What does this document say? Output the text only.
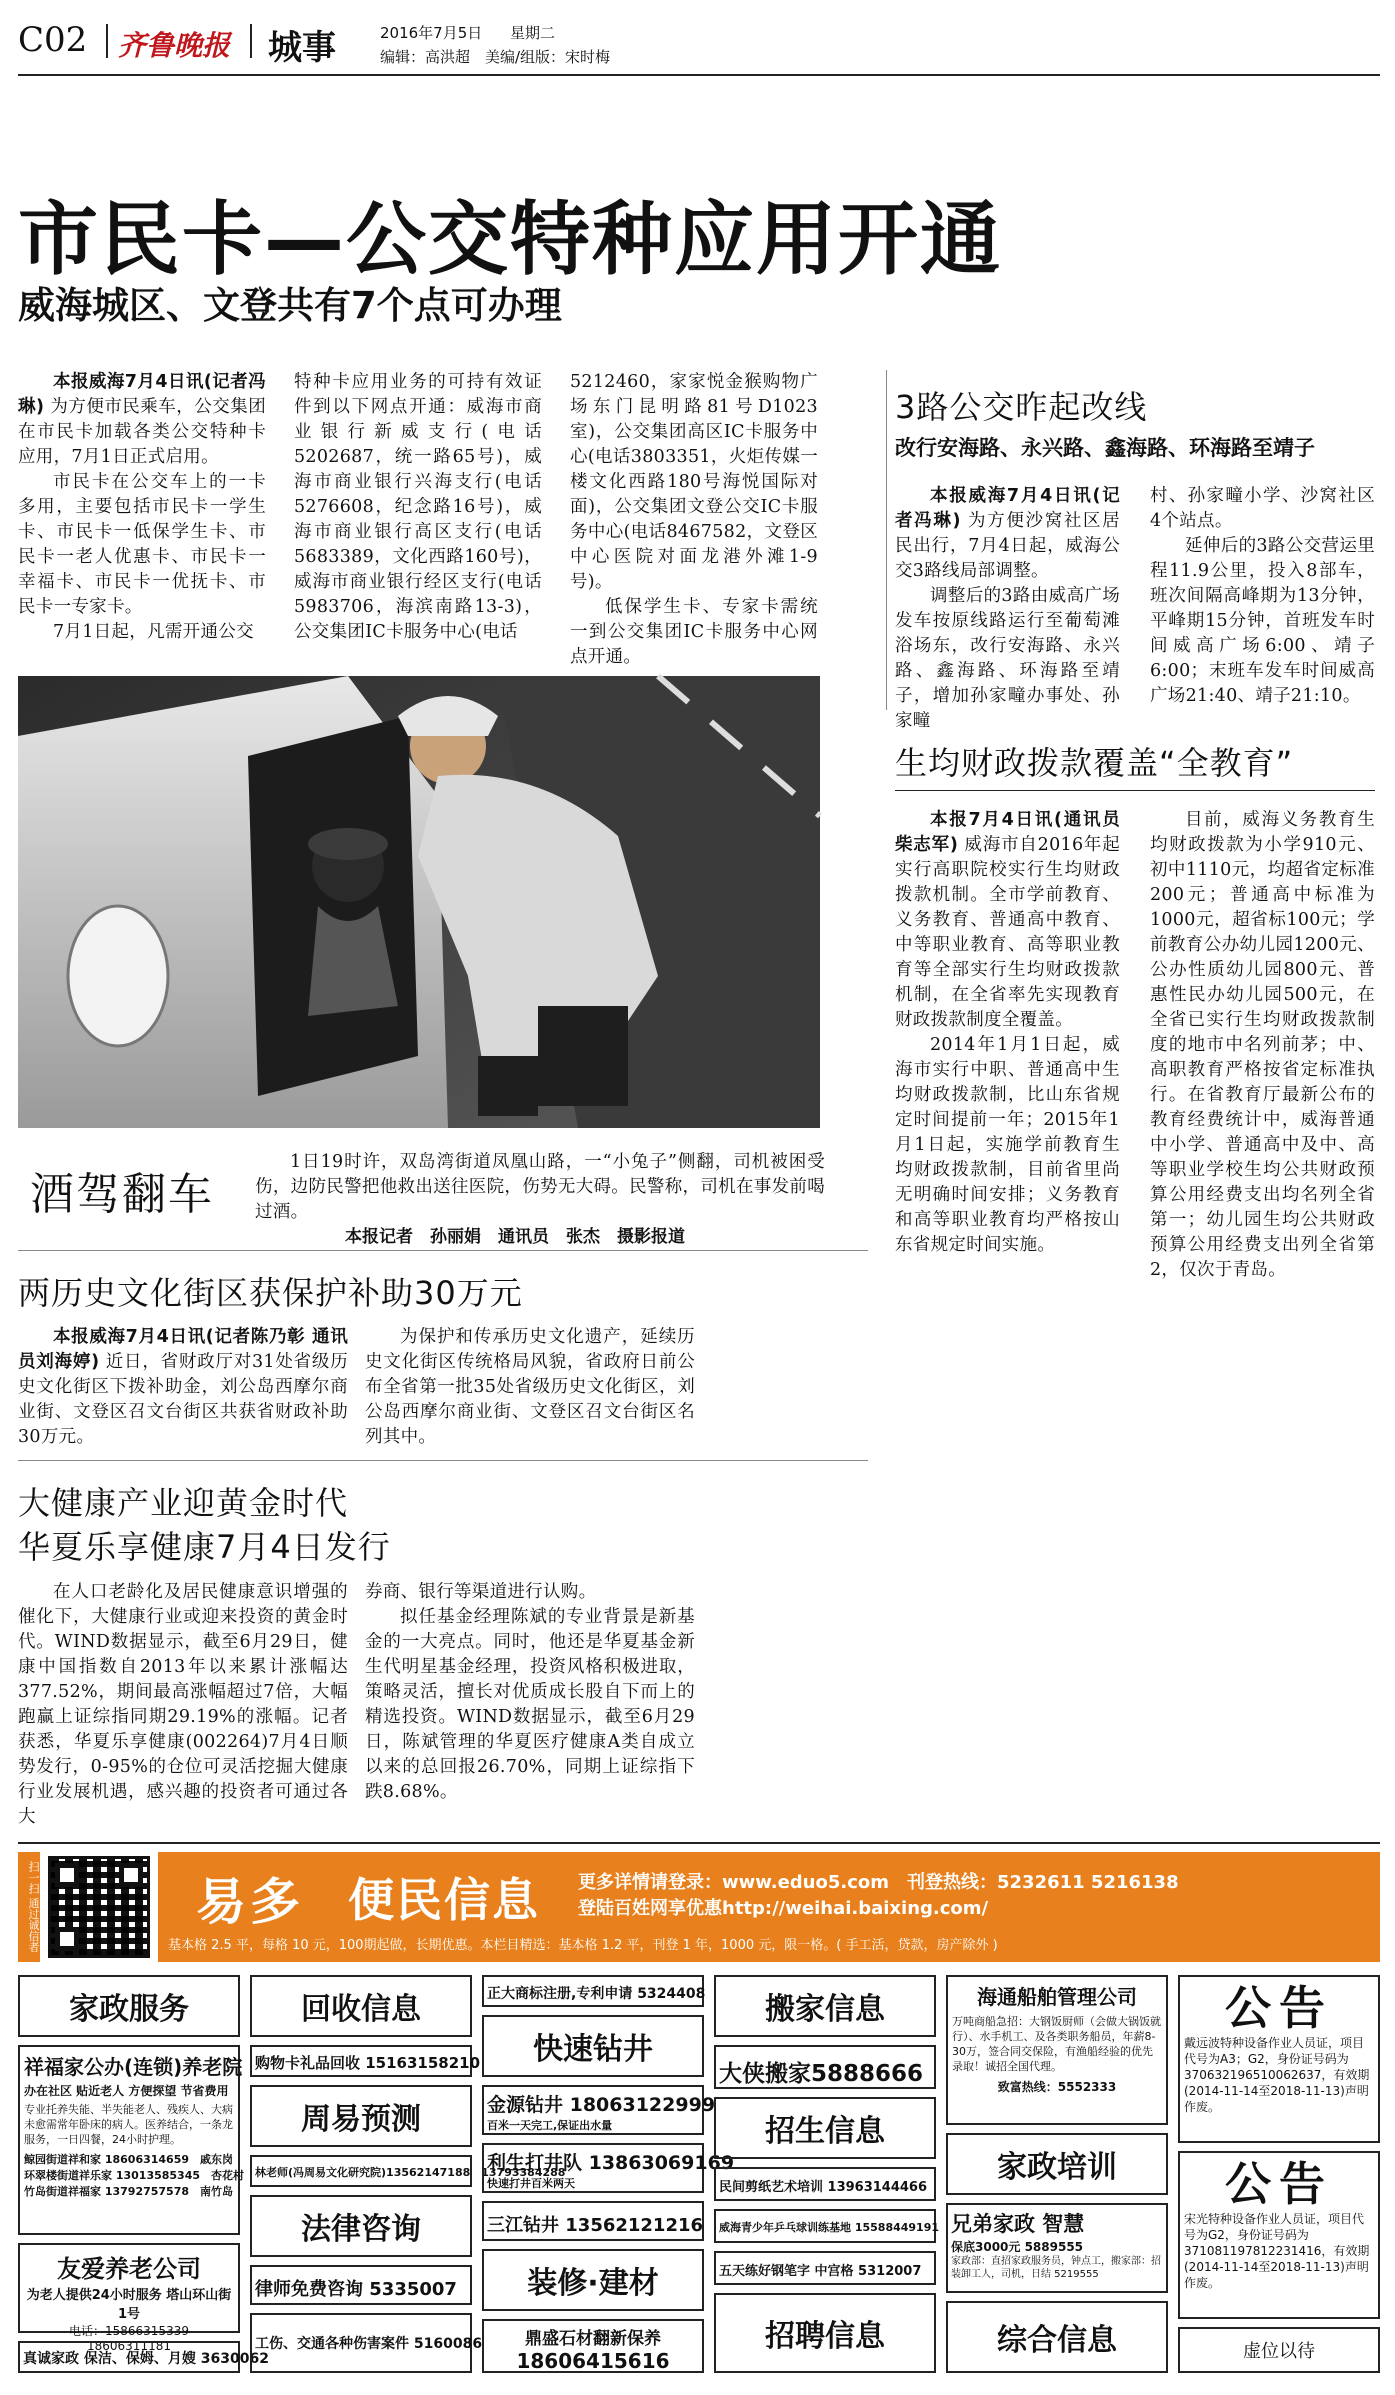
C02 齐鲁晚报 城事	2016年7月5日 星期二
编辑：高洪超　美编/组版：宋时梅
市民卡—公交特种应用开通
威海城区、文登共有7个点可办理

本报威海7月4日讯(记者冯琳) 为方便市民乘车，公交集团在市民卡加载各类公交特种卡应用，7月1日正式启用。

市民卡在公交车上的一卡多用，主要包括市民卡一学生卡、市民卡一低保学生卡、市民卡一老人优惠卡、市民卡一幸福卡、市民卡一优抚卡、市民卡一专家卡。

7月1日起，凡需开通公交

特种卡应用业务的可持有效证件到以下网点开通：威海市商业银行新威支行(电话5202687，统一路65号)，威海市商业银行兴海支行(电话5276608，纪念路16号)，威海市商业银行高区支行(电话5683389，文化西路160号)，威海市商业银行经区支行(电话5983706，海滨南路13-3)，公交集团IC卡服务中心(电话

5212460，家家悦金猴购物广场东门昆明路81号D1023室)，公交集团高区IC卡服务中心(电话3803351，火炬传媒一楼文化西路180号海悦国际对面)，公交集团文登公交IC卡服务中心(电话8467582，文登区中心医院对面龙港外滩1-9号)。

低保学生卡、专家卡需统一到公交集团IC卡服务中心网点开通。

3路公交昨起改线
改行安海路、永兴路、鑫海路、环海路至靖子

本报威海7月4日讯(记者冯琳) 为方便沙窝社区居民出行，7月4日起，威海公交3路线局部调整。

调整后的3路由威高广场发车按原线路运行至葡萄滩浴场东，改行安海路、永兴路、鑫海路、环海路至靖子，增加孙家疃办事处、孙家疃

村、孙家疃小学、沙窝社区4个站点。

延伸后的3路公交营运里程11.9公里，投入8部车，班次间隔高峰期为13分钟，平峰期15分钟，首班发车时间威高广场6:00、靖子6:00；末班车发车时间威高广场21:40、靖子21:10。

酒驾翻车

1日19时许，双岛湾街道凤凰山路，一“小兔子”侧翻，司机被困受伤，边防民警把他救出送往医院，伤势无大碍。民警称，司机在事发前喝过酒。

本报记者　孙丽娟　通讯员　张杰　摄影报道

生均财政拨款覆盖“全教育”

本报7月4日讯(通讯员柴志军) 威海市自2016年起实行高职院校实行生均财政拨款机制。全市学前教育、义务教育、普通高中教育、中等职业教育、高等职业教育等全部实行生均财政拨款机制，在全省率先实现教育财政拨款制度全覆盖。

2014年1月1日起，威海市实行中职、普通高中生均财政拨款制，比山东省规定时间提前一年；2015年1月1日起，实施学前教育生均财政拨款制，目前省里尚无明确时间安排；义务教育和高等职业教育均严格按山东省规定时间实施。

目前，威海义务教育生均财政拨款为小学910元、初中1110元，均超省定标准200元；普通高中标准为1000元，超省标100元；学前教育公办幼儿园1200元、公办性质幼儿园800元、普惠性民办幼儿园500元，在全省已实行生均财政拨款制度的地市中名列前茅；中、高职教育严格按省定标准执行。在省教育厅最新公布的教育经费统计中，威海普通中小学、普通高中及中、高等职业学校生均公共财政预算公用经费支出均名列全省第一；幼儿园生均公共财政预算公用经费支出列全省第2，仅次于青岛。

两历史文化街区获保护补助30万元

本报威海7月4日讯(记者陈乃彰 通讯员刘海婷) 近日，省财政厅对31处省级历史文化街区下拨补助金，刘公岛西摩尔商业街、文登区召文台街区共获省财政补助30万元。

为保护和传承历史文化遗产，延续历史文化街区传统格局风貌，省政府日前公布全省第一批35处省级历史文化街区，刘公岛西摩尔商业街、文登区召文台街区名列其中。

大健康产业迎黄金时代
华夏乐享健康7月4日发行

在人口老龄化及居民健康意识增强的催化下，大健康行业或迎来投资的黄金时代。WIND数据显示，截至6月29日，健康中国指数自2013年以来累计涨幅达377.52%，期间最高涨幅超过7倍，大幅跑赢上证综指同期29.19%的涨幅。记者获悉，华夏乐享健康(002264)7月4日顺势发行，0-95%的仓位可灵活挖掘大健康行业发展机遇，感兴趣的投资者可通过各大

券商、银行等渠道进行认购。

拟任基金经理陈斌的专业背景是新基金的一大亮点。同时，他还是华夏基金新生代明星基金经理，投资风格积极进取，策略灵活，擅长对优质成长股自下而上的精选投资。WIND数据显示，截至6月29日，陈斌管理的华夏医疗健康A类自成立以来的总回报26.70%，同期上证综指下跌8.68%。

扫一扫 通过诚信者	易多 便民信息 更多详情请登录：www.eduo5.com　刊登热线：5232611 5216138
登陆百姓网享优惠http://weihai.baixing.com/
基本格 2.5 平，每格 10 元，100期起做，长期优惠。本栏目精选：基本格 1.2 平，刊登 1 年，1000 元，限一格。( 手工活，贷款，房产除外 )
家政服务
祥福家公办(连锁)养老院
办在社区 贴近老人 方便探望 节省费用
专业托养失能、半失能老人、残疾人、大病未愈需常年卧床的病人。医养结合，一条龙服务，一日四餐，24小时护理。
鲸园街道祥和家 18606314659　戚东岗
环翠楼街道祥乐家 13013585345　杏花村
竹岛街道祥福家 13792757578　南竹岛
友爱养老公司
为老人提供24小时服务 塔山环山街1号
电话：15866315339　18606311181
真诚家政 保洁、保姆、月嫂 3630062
回收信息
购物卡礼品回收 15163158210
周易预测
林老师(冯周易文化研究院)13562147188　13793384288
法律咨询
律师免费咨询 5335007
工伤、交通各种伤害案件 5160086
正大商标注册,专利申请 5324408
快速钻井
金源钻井 18063122999
百米一天完工,保证出水量
利生打井队 13863069169
快速打井百米两天
三江钻井 13562121216
装修·建材
鼎盛石材翻新保养
18606415616
搬家信息
大侠搬家5888666
招生信息
民间剪纸艺术培训 13963144466
威海青少年乒乓球训练基地 15588449191
五天练好钢笔字 中宫格 5312007
招聘信息
海通船舶管理公司
万吨商船急招：大钢饭厨师（会做大锅饭就行）、水手机工、及各类职务船员，年薪8-30万，签合同交保险，有渔船经验的优先录取！诚招全国代理。
致富热线：5552333
家政培训
兄弟家政 智慧
保底3000元 5889555
家政部：直招家政服务员，钟点工，搬家部：招装卸工人，司机，日结 5219555
综合信息
公告
戴远波特种设备作业人员证，项目代号为A3；G2，身份证号码为370632196510062637，有效期(2014-11-14至2018-11-13)声明作废。
公告
宋光特种设备作业人员证，项目代号为G2，身份证号码为371081197812231416，有效期(2014-11-14至2018-11-13)声明作废。
虚位以待
